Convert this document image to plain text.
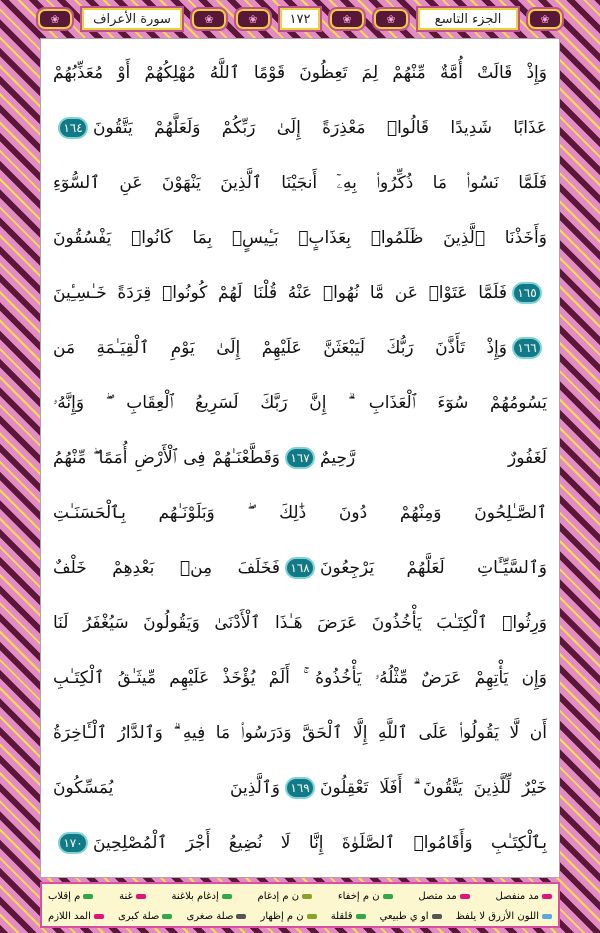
❀	سورة الأعراف	❀	❀	١٧٢	❀	❀	الجزء التاسع	❀
وَإِذْ قَالَتْ أُمَّةٌ مِّنْهُمْ لِمَ تَعِظُونَ قَوْمًا ٱللَّهُ مُهْلِكُهُمْ أَوْ مُعَذِّبُهُمْ
عَذَابًا شَدِيدًا قَالُوا۟ مَعْذِرَةً إِلَىٰ رَبِّكُمْ وَلَعَلَّهُمْ يَتَّقُونَ
١٦٤
فَلَمَّا نَسُوا۟ مَا ذُكِّرُوا۟ بِهِۦٓ أَنجَيْنَا ٱلَّذِينَ يَنْهَوْنَ عَنِ ٱلسُّوٓءِ
وَأَخَذْنَا ٱلَّذِينَ ظَلَمُوا۟ بِعَذَابٍۭ بَـِٔيسٍۭ بِمَا كَانُوا۟ يَفْسُقُونَ
١٦٥
فَلَمَّا عَتَوْا۟ عَن مَّا نُهُوا۟ عَنْهُ قُلْنَا لَهُمْ كُونُوا۟ قِرَدَةً خَـٰسِـِٔينَ
١٦٦
وَإِذْ تَأَذَّنَ رَبُّكَ لَيَبْعَثَنَّ عَلَيْهِمْ إِلَىٰ يَوْمِ ٱلْقِيَـٰمَةِ مَن
يَسُومُهُمْ سُوٓءَ ٱلْعَذَابِ ۗ إِنَّ رَبَّكَ لَسَرِيعُ ٱلْعِقَابِ ۖ وَإِنَّهُۥ
لَغَفُورٌ رَّحِيمٌ
١٦٧
وَقَطَّعْنَـٰهُمْ فِى ٱلْأَرْضِ أُمَمًا ۖ مِّنْهُمُ
ٱلصَّـٰلِحُونَ وَمِنْهُمْ دُونَ ذَٰلِكَ ۖ وَبَلَوْنَـٰهُم بِٱلْحَسَنَـٰتِ
وَٱلسَّيِّـَٔاتِ لَعَلَّهُمْ يَرْجِعُونَ
١٦٨
فَخَلَفَ مِنۢ بَعْدِهِمْ خَلْفٌ
وَرِثُوا۟ ٱلْكِتَـٰبَ يَأْخُذُونَ عَرَضَ هَـٰذَا ٱلْأَدْنَىٰ وَيَقُولُونَ سَيُغْفَرُ لَنَا
وَإِن يَأْتِهِمْ عَرَضٌ مِّثْلُهُۥ يَأْخُذُوهُ ۚ أَلَمْ يُؤْخَذْ عَلَيْهِم مِّيثَـٰقُ ٱلْكِتَـٰبِ
أَن لَّا يَقُولُوا۟ عَلَى ٱللَّهِ إِلَّا ٱلْحَقَّ وَدَرَسُوا۟ مَا فِيهِ ۗ وَٱلدَّارُ ٱلْـَٔاخِرَةُ
خَيْرٌ لِّلَّذِينَ يَتَّقُونَ ۗ أَفَلَا تَعْقِلُونَ
١٦٩
وَٱلَّذِينَ يُمَسِّكُونَ
بِٱلْكِتَـٰبِ وَأَقَامُوا۟ ٱلصَّلَوٰةَ إِنَّا لَا نُضِيعُ أَجْرَ ٱلْمُصْلِحِينَ
١٧٠
مد منفصل
مد متصل
ن م إخفاء
ن م إدغام
إدغام بلاغنة
غنة
م إقلاب
اللون الأزرق لا يلفظ
او ي طبيعي
قلقلة
ن م إظهار
صلة صغرى
صلة كبرى
المد اللازم
